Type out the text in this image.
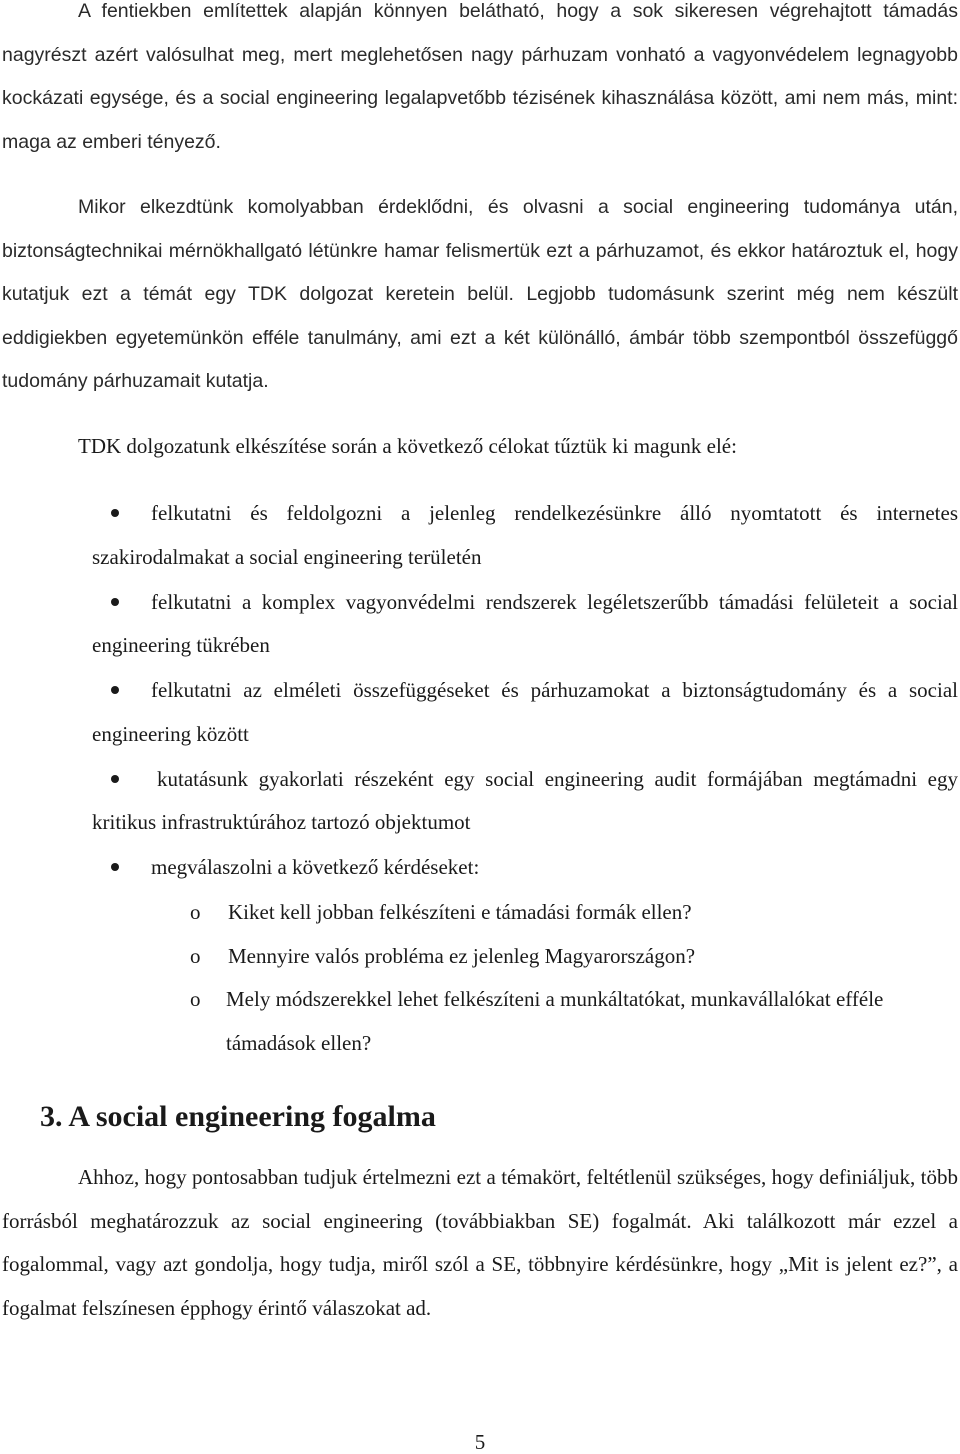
A fentiekben említettek alapján könnyen belátható, hogy a sok sikeresen végrehajtott támadás nagyrészt azért valósulhat meg, mert meglehetősen nagy párhuzam vonható a vagyonvédelem legnagyobb kockázati egysége, és a social engineering legalapvetőbb tézisének kihasználása között, ami nem más, mint: maga az emberi tényező.

Mikor elkezdtünk komolyabban érdeklődni, és olvasni a social engineering tudománya után, biztonságtechnikai mérnökhallgató létünkre hamar felismertük ezt a párhuzamot, és ekkor határoztuk el, hogy kutatjuk ezt a témát egy TDK dolgozat keretein belül. Legjobb tudomásunk szerint még nem készült eddigiekben egyetemünkön efféle tanulmány, ami ezt a két különálló, ámbár több szempontból összefüggő tudomány párhuzamait kutatja.

TDK dolgozatunk elkészítése során a következő célokat tűztük ki magunk elé:

felkutatni és feldolgozni a jelenleg rendelkezésünkre álló nyomtatott és internetes szakirodalmakat a social engineering területén
felkutatni a komplex vagyonvédelmi rendszerek legéletszerűbb támadási felületeit a social engineering tükrében
felkutatni az elméleti összefüggéseket és párhuzamokat a biztonságtudomány és a social engineering között
kutatásunk gyakorlati részeként egy social engineering audit formájában megtámadni egy kritikus infrastruktúrához tartozó objektumot
megválaszolni a következő kérdéseket:
o Kiket kell jobban felkészíteni e támadási formák ellen?
o Mennyire valós probléma ez jelenleg Magyarországon?
o Mely módszerekkel lehet felkészíteni a munkáltatókat, munkavállalókat efféle támadások ellen?
3. A social engineering fogalma

Ahhoz, hogy pontosabban tudjuk értelmezni ezt a témakört, feltétlenül szükséges, hogy definiáljuk, több forrásból meghatározzuk az social engineering (továbbiakban SE) fogalmát. Aki találkozott már ezzel a fogalommal, vagy azt gondolja, hogy tudja, miről szól a SE, többnyire kérdésünkre, hogy „Mit is jelent ez?”, a fogalmat felszínesen épphogy érintő válaszokat ad.

5
